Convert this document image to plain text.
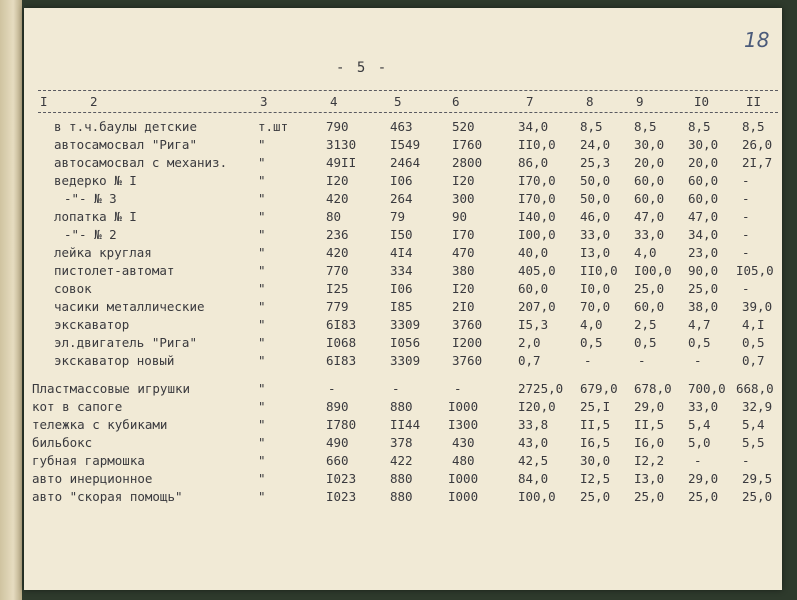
18
- 5 -
I	2	3	4	5	6	7	8	9	I0	II
в т.ч.баулы детские	т.шт	790	463	520	34,0	8,5	8,5	8,5	8,5
автосамосвал "Рига"	"	3130	I549	I760	II0,0 24,0 30,0 30,0 26,0
автосамосвал с механиз. "	49II	2464	2800	86,0	25,3 20,0 20,0 2I,7
ведерко № I	"	I20	I06	I20	I70,0 50,0 60,0 60,0 -
-"- № 3	"	420	264	300	I70,0 50,0 60,0 60,0 -
лопатка № I	"	80	79	90	I40,0 46,0 47,0 47,0 -
-"- № 2	"	236	I50	I70	I00,0 33,0 33,0 34,0 -
лейка круглая	"	420	4I4	470	40,0	I3,0 4,0	23,0 -
пистолет-автомат	"	770	334	380	405,0 II0,0 I00,0 90,0 I05,0
совок	"	I25	I06	I20	60,0	I0,0 25,0 25,0 -
часики металлические	"	779	I85	2I0	207,0 70,0 60,0 38,0 39,0
экскаватор	"	6I83	3309	3760	I5,3	4,0	2,5	4,7	4,I
эл.двигатель "Рига"	"	I068	I056	I200	2,0	0,5	0,5	0,5	0,5
экскаватор новый	"	6I83	3309	3760	0,7	-	-	-	0,7
Пластмассовые игрушки	"	-	-	-	2725,0 679,0 678,0 700,0 668,0
кот в сапоге	"	890	880	I000	I20,0 25,I 29,0 33,0 32,9
тележка с кубиками	"	I780	II44 I300	33,8	II,5 II,5 5,4	5,4
бильбокс	"	490	378	430	43,0	I6,5 I6,0 5,0	5,5
губная гармошка	"	660	422	480	42,5	30,0 I2,2 -	-
авто инерционное	"	I023	880	I000	84,0	I2,5 I3,0 29,0 29,5
авто "скорая помощь"	"	I023	880	I000	I00,0 25,0 25,0 25,0 25,0
